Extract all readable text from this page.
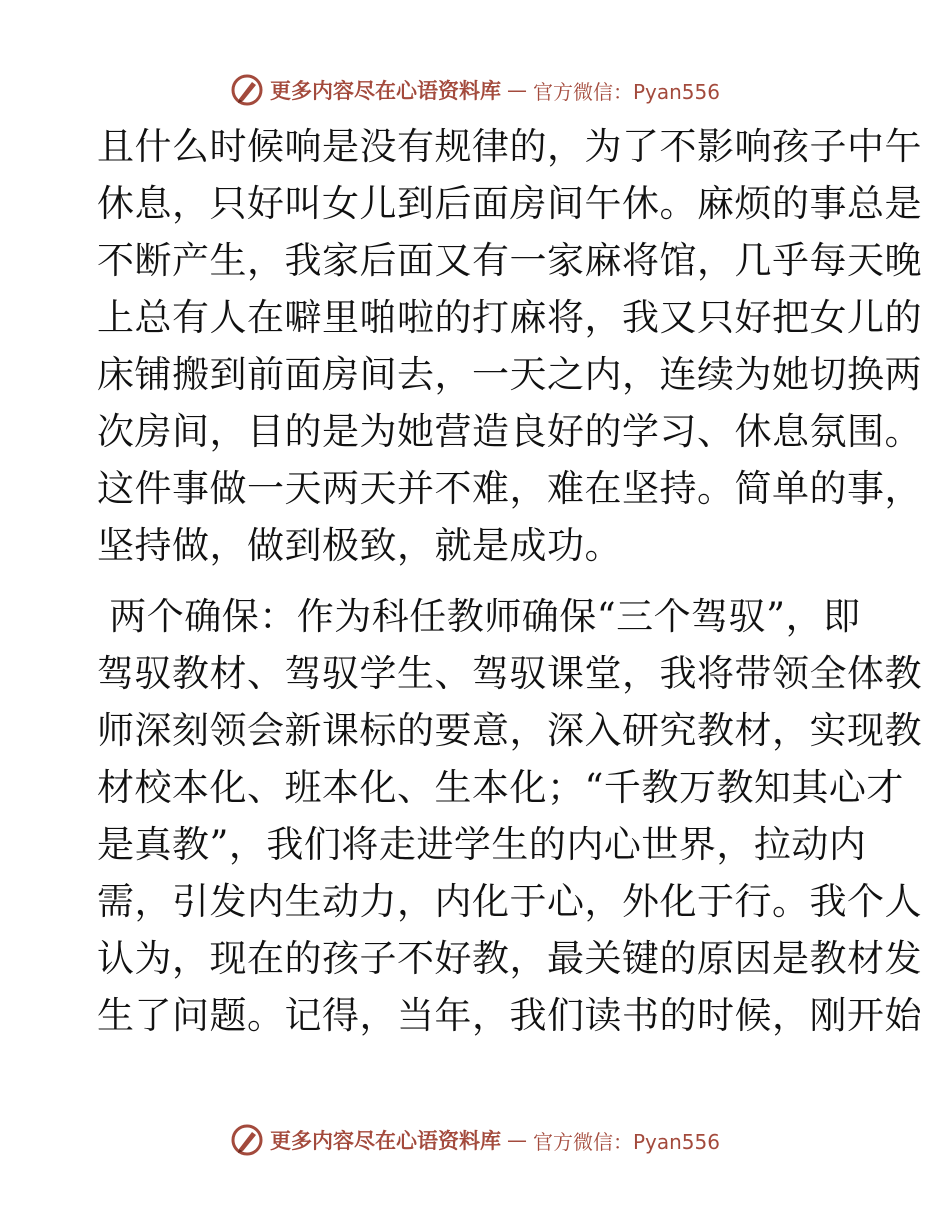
更多内容尽在心语资料库 — 官方微信：Pyan556
且什么时候响是没有规律的，为了不影响孩子中午
休息，只好叫女儿到后面房间午休。麻烦的事总是
不断产生，我家后面又有一家麻将馆，几乎每天晚
上总有人在噼里啪啦的打麻将，我又只好把女儿的
床铺搬到前面房间去，一天之内，连续为她切换两
次房间，目的是为她营造良好的学习、休息氛围。
这件事做一天两天并不难，难在坚持。简单的事，
坚持做，做到极致，就是成功。
两个确保：作为科任教师确保“三个驾驭”，即
驾驭教材、驾驭学生、驾驭课堂，我将带领全体教
师深刻领会新课标的要意，深入研究教材，实现教
材校本化、班本化、生本化；“千教万教知其心才
是真教”，我们将走进学生的内心世界，拉动内
需，引发内生动力，内化于心，外化于行。我个人
认为，现在的孩子不好教，最关键的原因是教材发
生了问题。记得，当年，我们读书的时候，刚开始
更多内容尽在心语资料库 — 官方微信：Pyan556
